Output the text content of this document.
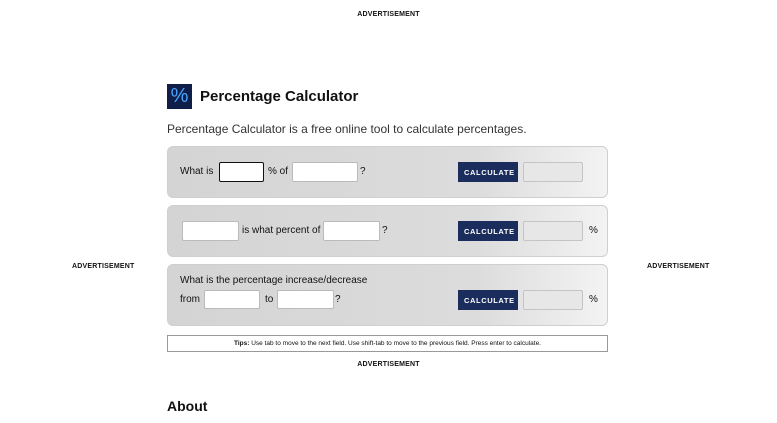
ADVERTISEMENT
% Percentage Calculator
Percentage Calculator is a free online tool to calculate percentages.
What is	% of	?	CALCULATE
is what percent of	?	CALCULATE	%
What is the percentage increase/decrease
from	to	?	CALCULATE	%
ADVERTISEMENT	ADVERTISEMENT
Tips: Use tab to move to the next field. Use shift-tab to move to the previous field. Press enter to calculate.
ADVERTISEMENT
About
